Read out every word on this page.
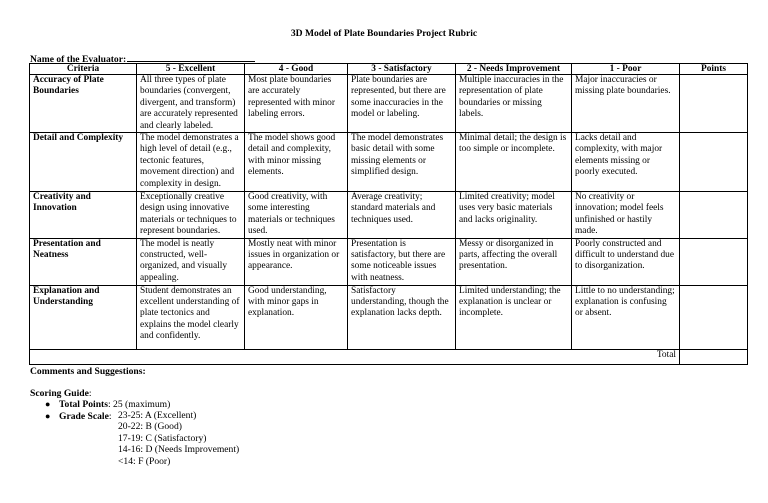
3D Model of Plate Boundaries Project Rubric
Name of the Evaluator:
Criteria	5 - Excellent	4 - Good	3 - Satisfactory	2 - Needs Improvement	1 - Poor	Points
Accuracy of Plate Boundaries	All three types of plate boundaries (convergent, divergent, and transform) are accurately represented and clearly labeled.	Most plate boundaries are accurately represented with minor labeling errors.	Plate boundaries are represented, but there are some inaccuracies in the model or labeling.	Multiple inaccuracies in the representation of plate boundaries or missing labels.	Major inaccuracies or missing plate boundaries.	
Detail and Complexity	The model demonstrates a high level of detail (e.g., tectonic features, movement direction) and complexity in design.	The model shows good detail and complexity, with minor missing elements.	The model demonstrates basic detail with some missing elements or simplified design.	Minimal detail; the design is too simple or incomplete.	Lacks detail and complexity, with major elements missing or poorly executed.	
Creativity and Innovation	Exceptionally creative design using innovative materials or techniques to represent boundaries.	Good creativity, with some interesting materials or techniques used.	Average creativity; standard materials and techniques used.	Limited creativity; model uses very basic materials and lacks originality.	No creativity or innovation; model feels unfinished or hastily made.	
Presentation and Neatness	The model is neatly constructed, well-organized, and visually appealing.	Mostly neat with minor issues in organization or appearance.	Presentation is satisfactory, but there are some noticeable issues with neatness.	Messy or disorganized in parts, affecting the overall presentation.	Poorly constructed and difficult to understand due to disorganization.	
Explanation and Understanding	Student demonstrates an excellent understanding of plate tectonics and explains the model clearly and confidently.	Good understanding, with minor gaps in explanation.	Satisfactory understanding, though the explanation lacks depth.	Limited understanding; the explanation is unclear or incomplete.	Little to no understanding; explanation is confusing or absent.	
Total						
Comments and Suggestions:
Scoring Guide:
● Total Points: 25 (maximum)
● Grade Scale: 23-25: A (Excellent)
20-22: B (Good)
17-19: C (Satisfactory)
14-16: D (Needs Improvement)
<14: F (Poor)
